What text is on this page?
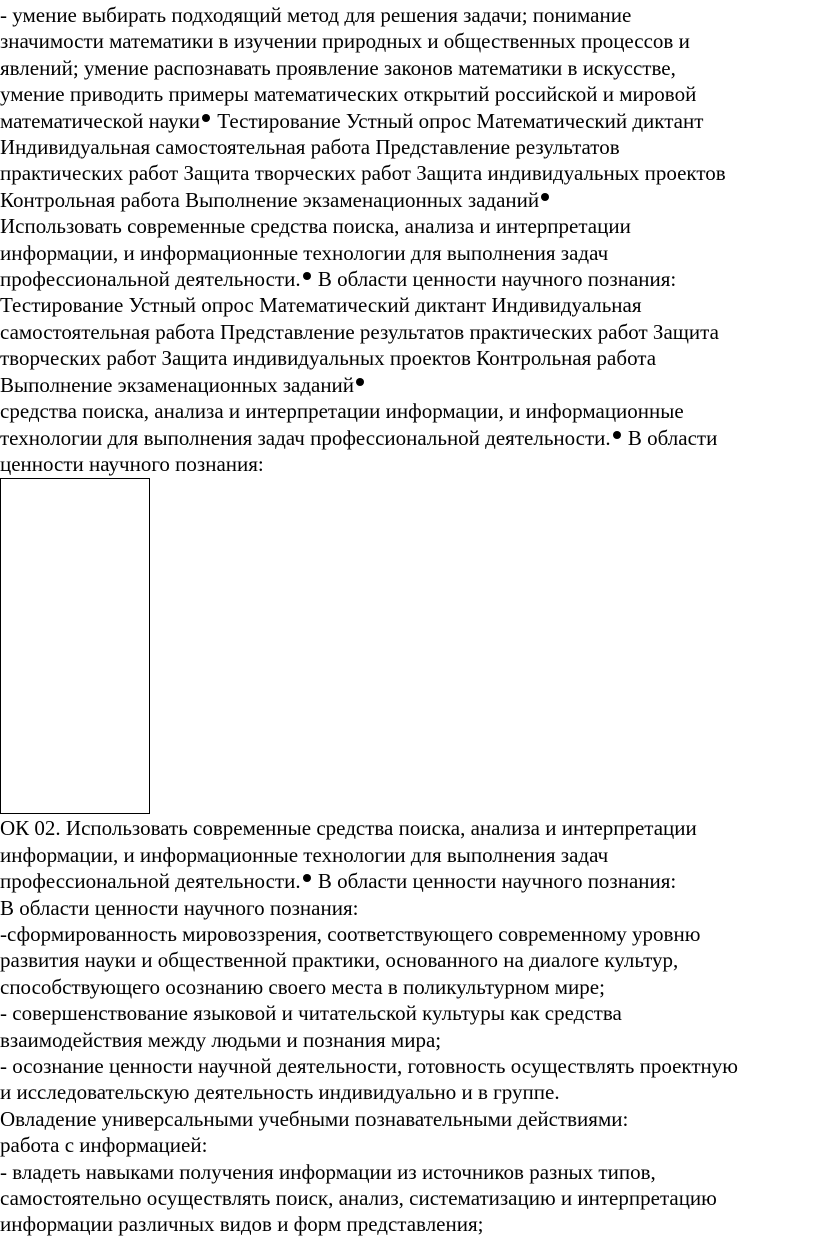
- умение выбирать подходящий метод для решения задачи; понимание
значимости математики в изучении природных и общественных процессов и
явлений; умение распознавать проявление законов математики в искусстве,
умение приводить примеры математических открытий российской и мировой
математической науки Тестирование Устный опрос Математический диктант
Индивидуальная самостоятельная работа Представление результатов
практических работ Защита творческих работ Защита индивидуальных проектов
Контрольная работа Выполнение экзаменационных заданий
Использовать современные средства поиска, анализа и интерпретации
информации, и информационные технологии для выполнения задач
профессиональной деятельности. В области ценности научного познания:
Тестирование Устный опрос Математический диктант Индивидуальная
самостоятельная работа Представление результатов практических работ Защита
творческих работ Защита индивидуальных проектов Контрольная работа
Выполнение экзаменационных заданий
средства поиска, анализа и интерпретации информации, и информационные
технологии для выполнения задач профессиональной деятельности. В области
ценности научного познания:
ОК 02. Использовать современные средства поиска, анализа и интерпретации
информации, и информационные технологии для выполнения задач
профессиональной деятельности. В области ценности научного познания:
В области ценности научного познания:
-сформированность мировоззрения, соответствующего современному уровню
развития науки и общественной практики, основанного на диалоге культур,
способствующего осознанию своего места в поликультурном мире;
- совершенствование языковой и читательской культуры как средства
взаимодействия между людьми и познания мира;
- осознание ценности научной деятельности, готовность осуществлять проектную
и исследовательскую деятельность индивидуально и в группе.
Овладение универсальными учебными познавательными действиями:
работа с информацией:
- владеть навыками получения информации из источников разных типов,
самостоятельно осуществлять поиск, анализ, систематизацию и интерпретацию
информации различных видов и форм представления;
